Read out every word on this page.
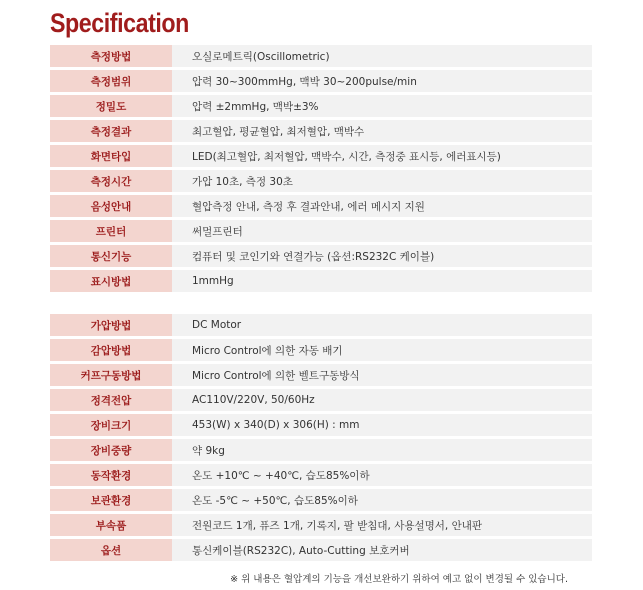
Specification
측정방법	오실로메트릭(Oscillometric)
측정범위	압력 30~300mmHg, 맥박 30~200pulse/min
정밀도	압력 ±2mmHg, 맥박±3%
측정결과	최고혈압, 평균혈압, 최저혈압, 맥박수
화면타입	LED(최고혈압, 최저혈압, 맥박수, 시간, 측정중 표시등, 에러표시등)
측정시간	가압 10초, 측정 30초
음성안내	혈압측정 안내, 측정 후 결과안내, 에러 메시지 지원
프린터	써멀프린터
통신기능	컴퓨터 및 코인기와 연결가능 (옵션:RS232C 케이블)
표시방법	1mmHg
가압방법	DC Motor
감압방법	Micro Control에 의한 자동 배기
커프구동방법	Micro Control에 의한 벨트구동방식
정격전압	AC110V/220V, 50/60Hz
장비크기	453(W) x 340(D) x 306(H) : mm
장비중량	약 9kg
동작환경	온도 +10℃ ~ +40℃, 습도85%이하
보관환경	온도 -5℃ ~ +50℃, 습도85%이하
부속품	전원코드 1개, 퓨즈 1개, 기록지, 팔 받침대, 사용설명서, 안내판
옵션	통신케이블(RS232C), Auto-Cutting 보호커버
※ 위 내용은 혈압계의 기능을 개선보완하기 위하여 예고 없이 변경될 수 있습니다.
